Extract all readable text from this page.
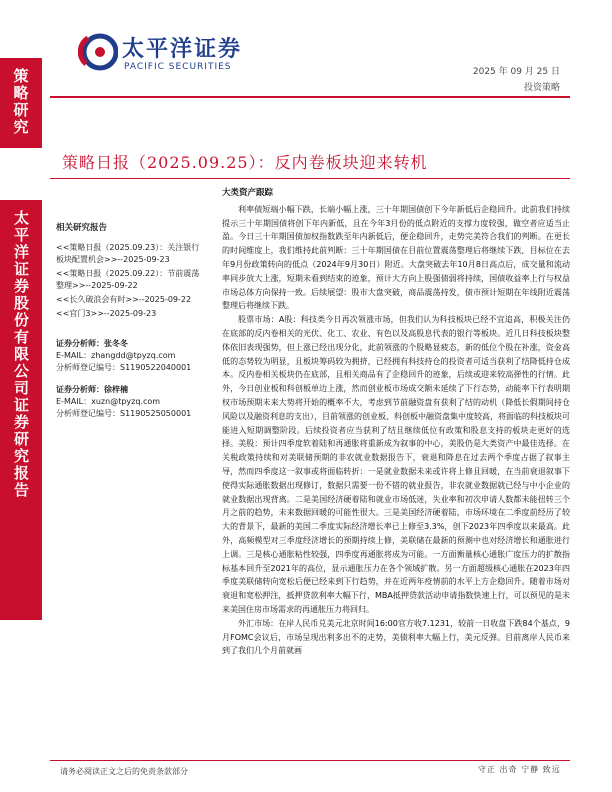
策略研究
太平洋证券股份有限公司证券研究报告
太平洋证券
PACIFIC SECURITIES	2025 年 09 月 25 日
投资策略
策略日报（2025.09.25）：反内卷板块迎来转机
相关研究报告
<<策略日报（2025.09.23）：关注银行板块配置机会>>--2025-09-23
<<策略日报（2025.09.22）：节前震荡整理>>--2025-09-22
<<长久破浪会有时>>--2025-09-22
<<官门3>>--2025-09-23
证券分析师：张冬冬
E-MAIL：zhangdd@tpyzq.com
分析师登记编号：S1190522040001
证券分析师：徐梓楠
E-MAIL：xuzn@tpyzq.com
分析师登记编号：S1190525050001
大类资产跟踪

利率债短端小幅下跌，长端小幅上涨，三十年期国债创下今年新低后企稳回升。此前我们持续提示三十年期国债将创下年内新低，且在今年3月份的低点附近的支撑力度较强，做空者应适当止盈。今日三十年期国债加权指数跌至年内新低后，便企稳回升，走势完美符合我们的判断。在更长的时间维度上，我们维持此前判断：三十年期国债在目前位置震荡整理后将继续下跌，目标位在去年9月份政策转向的低点（2024年9月30日）附近。大盘突破去年10月8日高点后，成交量和流动率同步放大上涨，短期未看到结束的迹象，预计大方向上股强债弱将持续，国债收益率上行与权益市场总体方向保持一致。后续展望：股市大盘突破，商品震荡持发，债市预计短期在年线附近震荡整理后将继续下跌。

股票市场：A股：科技类今日再次领涨市场，但我们认为科技板块已经不宜追高，积极关注仍在底部的反内卷相关的光伏、化工、农业、有色以及高股息代表的银行等板块。近几日科技板块整体依旧表现强势，但上涨已经出现分化，此前领涨的个股略显疲态，新的低位个股在补涨，资金高低的态势较为明显，且板块筹码较为拥挤，已经拥有科技持仓的投资者可适当获利了结降低持仓成本。反内卷相关板块仍在底部，且相关商品有了企稳回升的迹象，后续或迎来较高弹性的行情。此外，今日创业板和科创板单边上涨，然而创业板市场成交额未延续了下行态势，动能率下行表明期权市场预期未来大势将开始的概率不大，考虑到节前融资盘有获利了结的动机（降低长假期间持仓风险以及融资利息的支出），目前领涨的创业板、科创板中融资盘集中度较高，将面临的科技板块可能进入短期调整阶段。后续投资者应当获利了结且继续低位有政策和股息支持的板块走更好的选择。美股：预计四季度软着陆和再通胀将重新成为叙事的中心，美股仍是大类资产中最佳选择。在关税政策持续和对美联储预期的非农就业数据报告下，衰退和降息在过去两个季度占据了叙事主导，然而四季度这一叙事或将面临转折：一是就业数据未来或许将上修且回暖，在当前衰退叙事下使得实际通胀数据出现修订，数据只需要一份不错的就业报告，非农就业数据就已经与中小企业的就业数据出现背离。二是美国经济硬着陆和就业市场低迷，失业率和初次申请人数都未能扭转三个月之前的趋势，未来数据回暖的可能性很大。三是美国经济硬着陆，市场环境在二季度前经历了较大的背景下，最新的美国二季度实际经济增长率已上修至3.3%，创下2023年四季度以来最高。此外，高频模型对三季度经济增长的预期持续上修，美联储在最新的预测中也对经济增长和通胀进行上调。三是核心通胀粘性较强，四季度再通胀将成为可能。一方面衡量核心通胀广度压力的扩散指标基本回升至2021年的高位，显示通胀压力在各个领域扩散。另一方面超级核心通胀在2023年四季度美联储转向宽松后便已经来到下行趋势，并在近两年疫情前的水平上方企稳回升。随着市场对衰退和宽松押注，抵押贷款利率大幅下行，MBA抵押贷款活动申请指数快速上行，可以预见的是未来美国住房市场需求的再通胀压力将回归。

外汇市场：在岸人民币兑美元北京时间16:00官方收7.1231，较前一日收盘下跌84个基点，9月FOMC会议后，市场呈现出利多出不的走势，美债利率大幅上行，美元反弹。目前离岸人民币来到了我们几个月前就画

请务必阅读正文之后的免责条款部分	守正 出奇 宁静 致远
